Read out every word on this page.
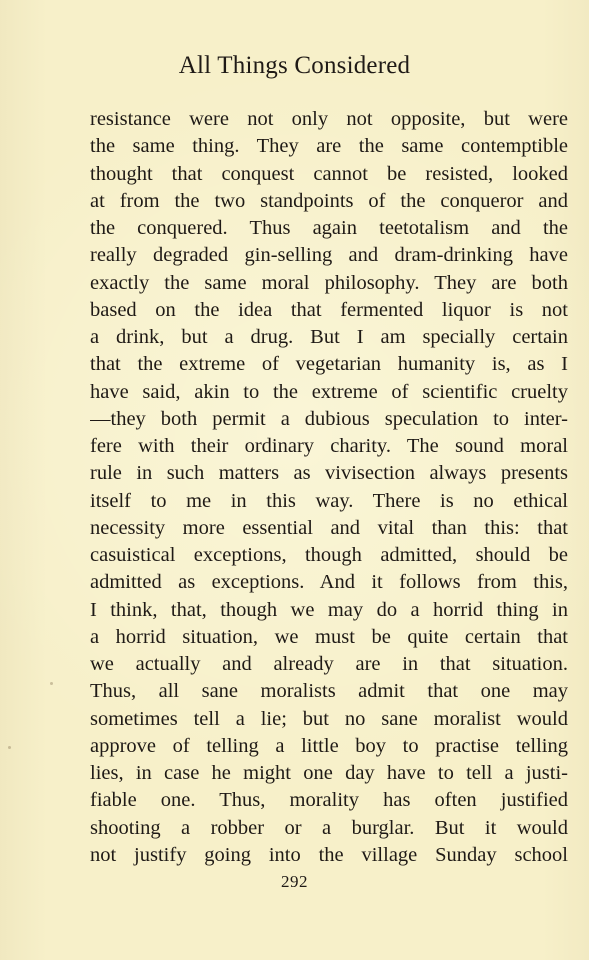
All Things Considered
resistance were not only not opposite, but were
the same thing. They are the same contemptible
thought that conquest cannot be resisted, looked
at from the two standpoints of the conqueror and
the conquered. Thus again teetotalism and the
really degraded gin-selling and dram-drinking have
exactly the same moral philosophy. They are both
based on the idea that fermented liquor is not
a drink, but a drug. But I am specially certain
that the extreme of vegetarian humanity is, as I
have said, akin to the extreme of scientific cruelty
—they both permit a dubious speculation to inter-
fere with their ordinary charity. The sound moral
rule in such matters as vivisection always presents
itself to me in this way. There is no ethical
necessity more essential and vital than this: that
casuistical exceptions, though admitted, should be
admitted as exceptions. And it follows from this,
I think, that, though we may do a horrid thing in
a horrid situation, we must be quite certain that
we actually and already are in that situation.
Thus, all sane moralists admit that one may
sometimes tell a lie; but no sane moralist would
approve of telling a little boy to practise telling
lies, in case he might one day have to tell a justi-
fiable one. Thus, morality has often justified
shooting a robber or a burglar. But it would
not justify going into the village Sunday school
292
